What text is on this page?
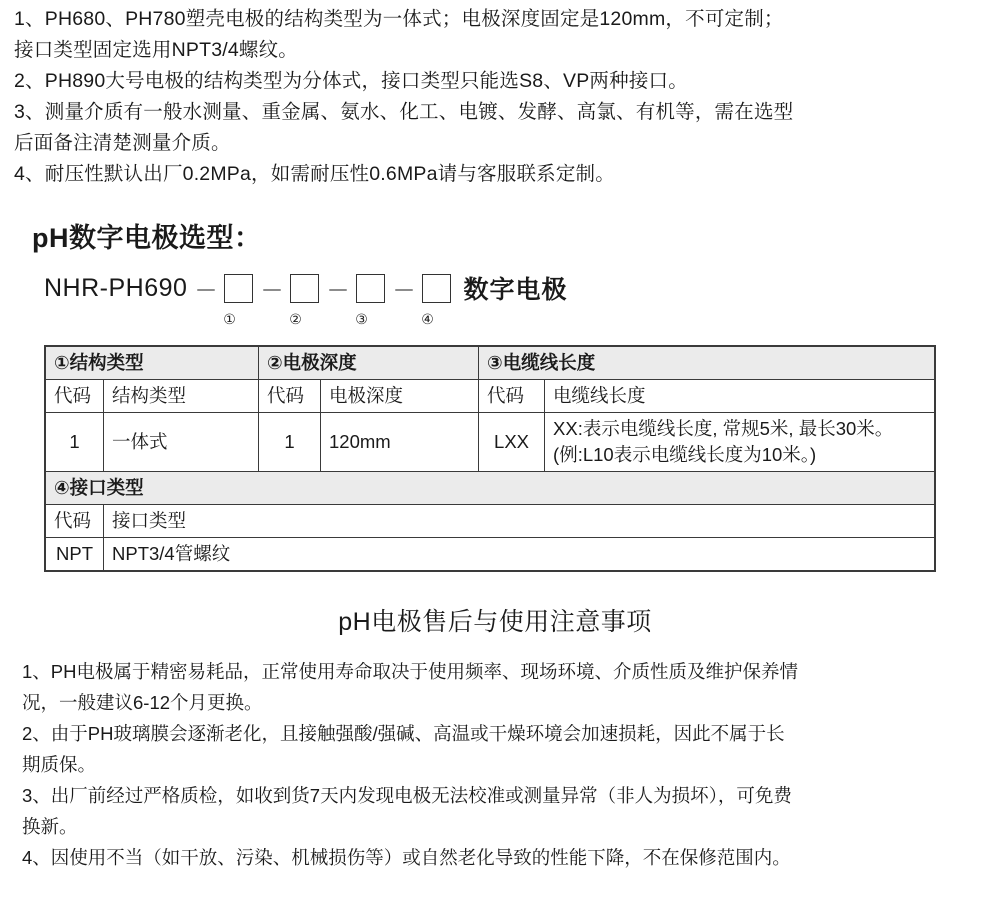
1、PH680、PH780塑壳电极的结构类型为一体式；电极深度固定是120mm，不可定制；
接口类型固定选用NPT3/4螺纹。
2、PH890大号电极的结构类型为分体式，接口类型只能选S8、VP两种接口。
3、测量介质有一般水测量、重金属、氨水、化工、电镀、发酵、高氯、有机等，需在选型
后面备注清楚测量介质。
4、耐压性默认出厂0.2MPa，如需耐压性0.6MPa请与客服联系定制。
pH数字电极选型：
NHR-PH690 － － － － 数字电极
①	②	③	④
①结构类型		②电极深度		③电缆线长度	
代码	结构类型	代码	电极深度	代码	电缆线长度
1	一体式	1	120mm	LXX	XX:表示电缆线长度, 常规5米, 最长30米。
(例:L10表示电缆线长度为10米。)

④接口类型					
代码	接口类型				
NPT	NPT3/4管螺纹				
pH电极售后与使用注意事项
1、PH电极属于精密易耗品，正常使用寿命取决于使用频率、现场环境、介质性质及维护保养情
况，一般建议6-12个月更换。
2、由于PH玻璃膜会逐渐老化，且接触强酸/强碱、高温或干燥环境会加速损耗，因此不属于长
期质保。
3、出厂前经过严格质检，如收到货7天内发现电极无法校准或测量异常（非人为损坏），可免费
换新。
4、因使用不当（如干放、污染、机械损伤等）或自然老化导致的性能下降，不在保修范围内。
